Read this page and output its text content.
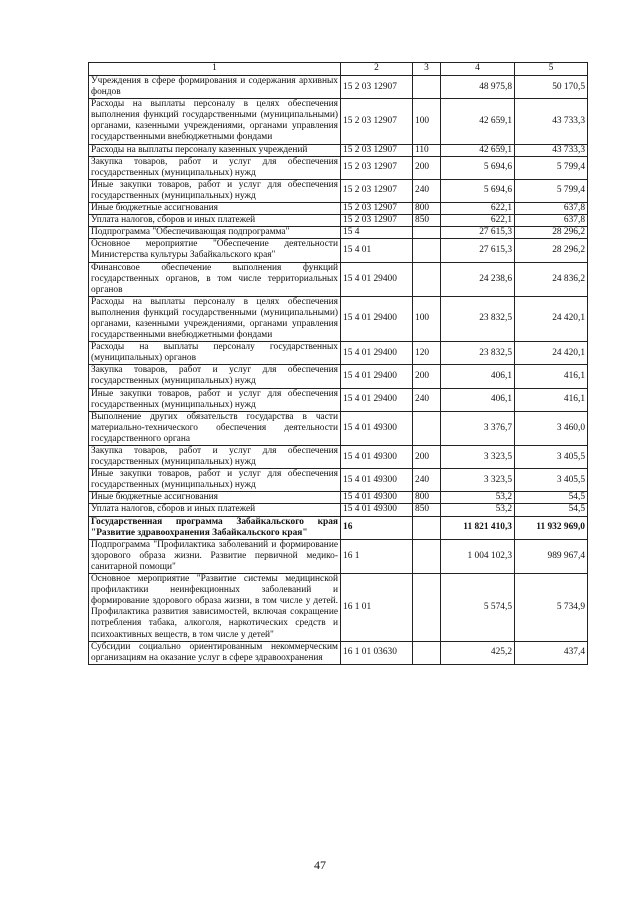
1	2	3	4	5
Учреждения в сфере формирования и содержания архивных фондов	15 2 03 12907		48 975,8	50 170,5
Расходы на выплаты персоналу в целях обеспечения выполнения функций государственными (муниципальными) органами, казенными учреждениями, органами управления государственными внебюджетными фондами	15 2 03 12907	100	42 659,1	43 733,3
Расходы на выплаты персоналу казенных учреждений	15 2 03 12907	110	42 659,1	43 733,3
Закупка товаров, работ и услуг для обеспечения государственных (муниципальных) нужд	15 2 03 12907	200	5 694,6	5 799,4
Иные закупки товаров, работ и услуг для обеспечения государственных (муниципальных) нужд	15 2 03 12907	240	5 694,6	5 799,4
Иные бюджетные ассигнования	15 2 03 12907	800	622,1	637,8
Уплата налогов, сборов и иных платежей	15 2 03 12907	850	622,1	637,8
Подпрограмма "Обеспечивающая подпрограмма"	15 4		27 615,3	28 296,2
Основное мероприятие "Обеспечение деятельности Министерства культуры Забайкальского края"	15 4 01		27 615,3	28 296,2
Финансовое обеспечение выполнения функций государственных органов, в том числе территориальных органов	15 4 01 29400		24 238,6	24 836,2
Расходы на выплаты персоналу в целях обеспечения выполнения функций государственными (муниципальными) органами, казенными учреждениями, органами управления государственными внебюджетными фондами	15 4 01 29400	100	23 832,5	24 420,1
Расходы на выплаты персоналу государственных (муниципальных) органов	15 4 01 29400	120	23 832,5	24 420,1
Закупка товаров, работ и услуг для обеспечения государственных (муниципальных) нужд	15 4 01 29400	200	406,1	416,1
Иные закупки товаров, работ и услуг для обеспечения государственных (муниципальных) нужд	15 4 01 29400	240	406,1	416,1
Выполнение других обязательств государства в части материально-технического обеспечения деятельности государственного органа	15 4 01 49300		3 376,7	3 460,0
Закупка товаров, работ и услуг для обеспечения государственных (муниципальных) нужд	15 4 01 49300	200	3 323,5	3 405,5
Иные закупки товаров, работ и услуг для обеспечения государственных (муниципальных) нужд	15 4 01 49300	240	3 323,5	3 405,5
Иные бюджетные ассигнования	15 4 01 49300	800	53,2	54,5
Уплата налогов, сборов и иных платежей	15 4 01 49300	850	53,2	54,5
Государственная программа Забайкальского края "Развитие здравоохранения Забайкальского края"	16		11 821 410,3	11 932 969,0
Подпрограмма "Профилактика заболеваний и формирование здорового образа жизни. Развитие первичной медико-санитарной помощи"	16 1		1 004 102,3	989 967,4
Основное мероприятие "Развитие системы медицинской профилактики неинфекционных заболеваний и формирование здорового образа жизни, в том числе у детей. Профилактика развития зависимостей, включая сокращение потребления табака, алкоголя, наркотических средств и психоактивных веществ, в том числе у детей"	16 1 01		5 574,5	5 734,9
Субсидии социально ориентированным некоммерческим организациям на оказание услуг в сфере здравоохранения	16 1 01 03630		425,2	437,4
47
